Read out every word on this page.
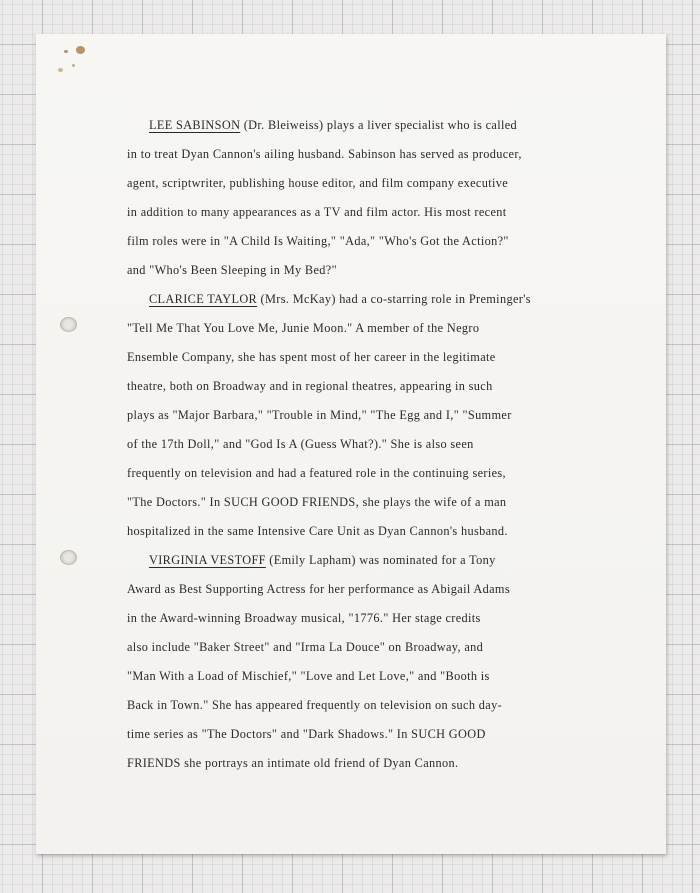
LEE SABINSON (Dr. Bleiweiss) plays a liver specialist who is called
in to treat Dyan Cannon's ailing husband. Sabinson has served as producer,
agent, scriptwriter, publishing house editor, and film company executive
in addition to many appearances as a TV and film actor. His most recent
film roles were in "A Child Is Waiting," "Ada," "Who's Got the Action?"
and "Who's Been Sleeping in My Bed?"
CLARICE TAYLOR (Mrs. McKay) had a co-starring role in Preminger's
"Tell Me That You Love Me, Junie Moon." A member of the Negro
Ensemble Company, she has spent most of her career in the legitimate
theatre, both on Broadway and in regional theatres, appearing in such
plays as "Major Barbara," "Trouble in Mind," "The Egg and I," "Summer
of the 17th Doll," and "God Is A (Guess What?)." She is also seen
frequently on television and had a featured role in the continuing series,
"The Doctors." In SUCH GOOD FRIENDS, she plays the wife of a man
hospitalized in the same Intensive Care Unit as Dyan Cannon's husband.
VIRGINIA VESTOFF (Emily Lapham) was nominated for a Tony
Award as Best Supporting Actress for her performance as Abigail Adams
in the Award-winning Broadway musical, "1776." Her stage credits
also include "Baker Street" and "Irma La Douce" on Broadway, and
"Man With a Load of Mischief," "Love and Let Love," and "Booth is
Back in Town." She has appeared frequently on television on such day-
time series as "The Doctors" and "Dark Shadows." In SUCH GOOD
FRIENDS she portrays an intimate old friend of Dyan Cannon.
